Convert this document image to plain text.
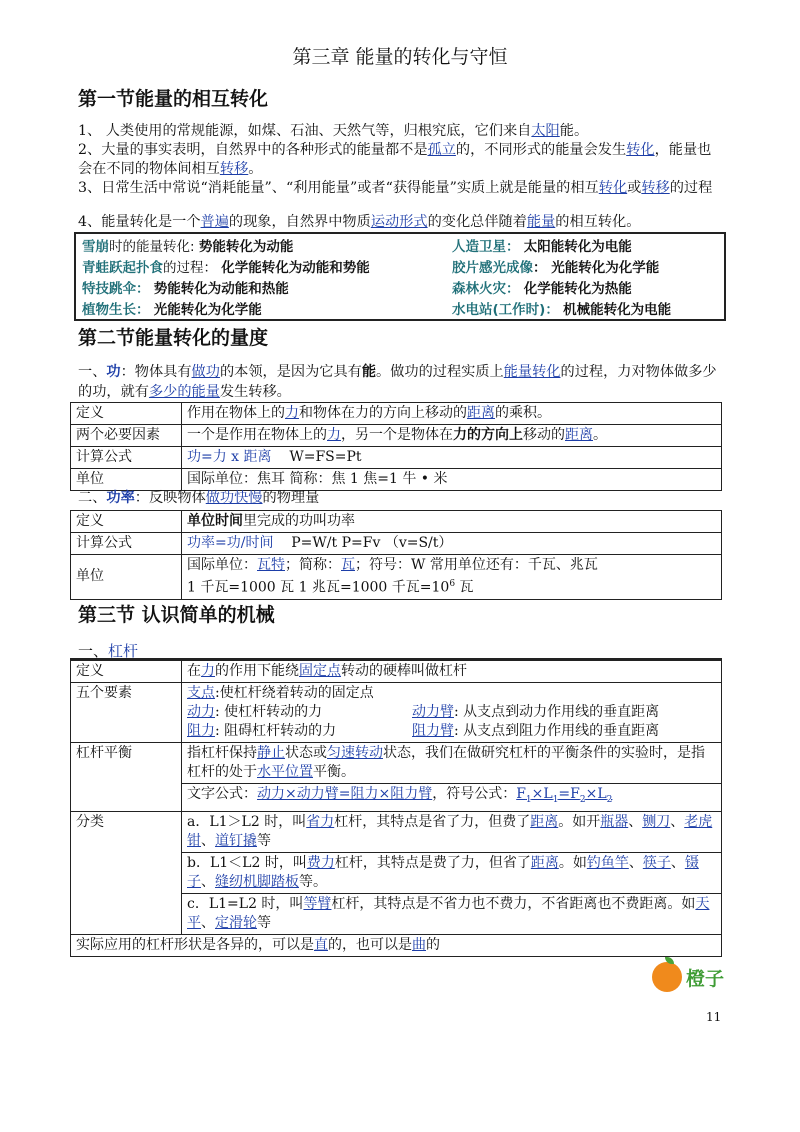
第三章 能量的转化与守恒
第一节能量的相互转化
1、 人类使用的常规能源，如煤、石油、天然气等，归根究底，它们来自太阳能。
2、大量的事实表明，自然界中的各种形式的能量都不是孤立的，不同形式的能量会发生转化，能量也会在不同的物体间相互转移。
3、日常生活中常说“消耗能量”、“利用能量”或者“获得能量”实质上就是能量的相互转化或转移的过程
4、能量转化是一个普遍的现象，自然界中物质运动形式的变化总伴随着能量的相互转化。
雪崩时的能量转化: 势能转化为动能	人造卫星： 太阳能转化为电能
青蛙跃起扑食的过程： 化学能转化为动能和势能	胶片感光成像： 光能转化为化学能
特技跳伞： 势能转化为动能和热能	森林火灾： 化学能转化为热能
植物生长： 光能转化为化学能	水电站(工作时)： 机械能转化为电能
第二节能量转化的量度
一、功：物体具有做功的本领，是因为它具有能。做功的过程实质上能量转化的过程，力对物体做多少的功，就有多少的能量发生转移。
定义	作用在物体上的力和物体在力的方向上移动的距离的乘积。
两个必要因素	一个是作用在物体上的力，另一个是物体在力的方向上移动的距离。
计算公式	功=力 x 距离 W=FS=Pt
单位	国际单位：焦耳 简称：焦 1 焦=1 牛 • 米
二、功率：反映物体做功快慢的物理量
定义	单位时间里完成的功叫功率
计算公式	功率=功/时间 P=W/t P=Fv （v=S/t）
单位	国际单位：瓦特；简称：瓦；符号：W 常用单位还有：千瓦、兆瓦
1 千瓦=1000 瓦 1 兆瓦=1000 千瓦$=10^6$ 瓦
第三节 认识简单的机械
一、杠杆
定义	在力的作用下能绕固定点转动的硬棒叫做杠杆
五个要素	支点:使杠杆绕着转动的固定点
动力: 使杠杆转动的力 动力臂: 从支点到动力作用线的垂直距离
阻力: 阻碍杠杆转动的力 阻力臂: 从支点到阻力作用线的垂直距离

杠杆平衡	指杠杆保持静止状态或匀速转动状态，我们在做研究杠杆的平衡条件的实验时，是指杠杆的处于水平位置平衡。
	文字公式：动力×动力臂=阻力×阻力臂，符号公式：$F_1\times L_1=F_2\times L_2$
分类	a．L1＞L2 时，叫省力杠杆，其特点是省了力，但费了距离。如开瓶器、铡刀、老虎钳、道钉撬等
	b．L1＜L2 时，叫费力杠杆，其特点是费了力，但省了距离。如钓鱼竿、筷子、镊子、缝纫机脚踏板等。
	c．L1=L2 时，叫等臂杠杆，其特点是不省力也不费力，不省距离也不费距离。如天平、定滑轮等
实际应用的杠杆形状是各异的，可以是直的，也可以是曲的	
橙子
11
